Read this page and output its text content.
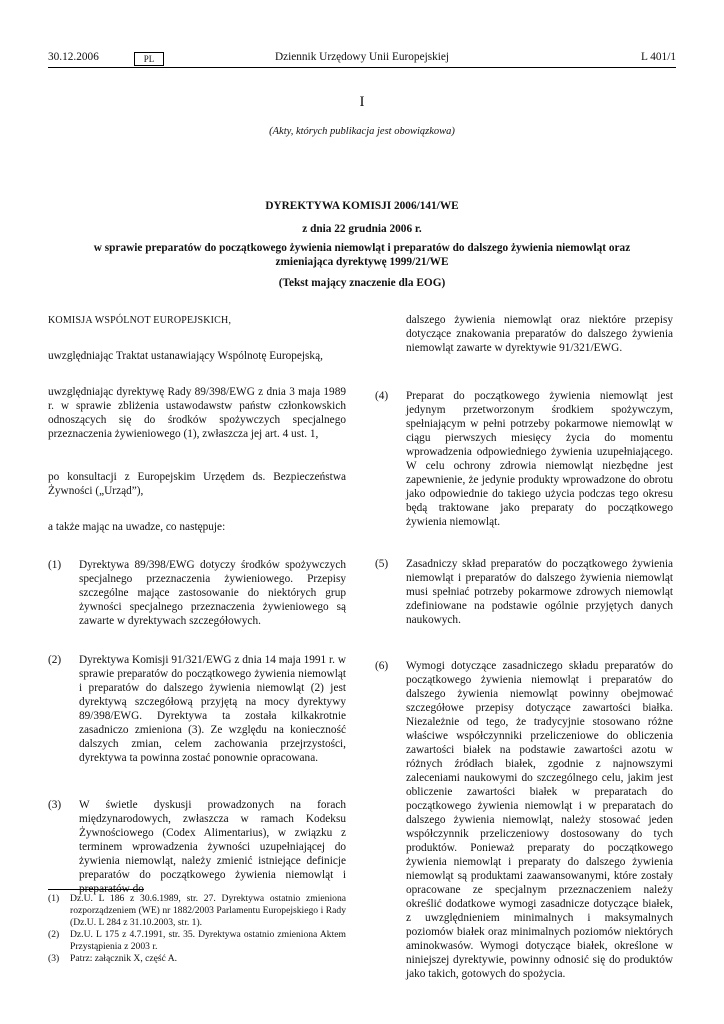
30.12.2006	PL	Dziennik Urzędowy Unii Europejskiej	L 401/1
I
(Akty, których publikacja jest obowiązkowa)
DYREKTYWA KOMISJI 2006/141/WE
z dnia 22 grudnia 2006 r.
w sprawie preparatów do początkowego żywienia niemowląt i preparatów do dalszego żywienia niemowląt oraz zmieniająca dyrektywę 1999/21/WE
(Tekst mający znaczenie dla EOG)
KOMISJA WSPÓLNOT EUROPEJSKICH,
uwzględniając Traktat ustanawiający Wspólnotę Europejską,
uwzględniając dyrektywę Rady 89/398/EWG z dnia 3 maja 1989 r. w sprawie zbliżenia ustawodawstw państw członkowskich odnoszących się do środków spożywczych specjalnego przeznaczenia żywieniowego (1), zwłaszcza jej art. 4 ust. 1,
po konsultacji z Europejskim Urzędem ds. Bezpieczeństwa Żywności („Urząd”),
a także mając na uwadze, co następuje:
(1) Dyrektywa 89/398/EWG dotyczy środków spożywczych specjalnego przeznaczenia żywieniowego. Przepisy szczególne mające zastosowanie do niektórych grup żywności specjalnego przeznaczenia żywieniowego są zawarte w dyrektywach szczegółowych.
(2) Dyrektywa Komisji 91/321/EWG z dnia 14 maja 1991 r. w sprawie preparatów do początkowego żywienia niemowląt i preparatów do dalszego żywienia niemowląt (2) jest dyrektywą szczegółową przyjętą na mocy dyrektywy 89/398/EWG. Dyrektywa ta została kilkakrotnie zasadniczo zmieniona (3). Ze względu na konieczność dalszych zmian, celem zachowania przejrzystości, dyrektywa ta powinna zostać ponownie opracowana.
(3) W świetle dyskusji prowadzonych na forach międzynarodowych, zwłaszcza w ramach Kodeksu Żywnościowego (Codex Alimentarius), w związku z terminem wprowadzenia żywności uzupełniającej do żywienia niemowląt, należy zmienić istniejące definicje preparatów do początkowego żywienia niemowląt i preparatów do
(1) Dz.U. L 186 z 30.6.1989, str. 27. Dyrektywa ostatnio zmieniona rozporządzeniem (WE) nr 1882/2003 Parlamentu Europejskiego i Rady (Dz.U. L 284 z 31.10.2003, str. 1).
(2) Dz.U. L 175 z 4.7.1991, str. 35. Dyrektywa ostatnio zmieniona Aktem Przystąpienia z 2003 r.
(3) Patrz: załącznik X, część A.
dalszego żywienia niemowląt oraz niektóre przepisy dotyczące znakowania preparatów do dalszego żywienia niemowląt zawarte w dyrektywie 91/321/EWG.
(4) Preparat do początkowego żywienia niemowląt jest jedynym przetworzonym środkiem spożywczym, spełniającym w pełni potrzeby pokarmowe niemowląt w ciągu pierwszych miesięcy życia do momentu wprowadzenia odpowiedniego żywienia uzupełniającego. W celu ochrony zdrowia niemowląt niezbędne jest zapewnienie, że jedynie produkty wprowadzone do obrotu jako odpowiednie do takiego użycia podczas tego okresu będą traktowane jako preparaty do początkowego żywienia niemowląt.
(5) Zasadniczy skład preparatów do początkowego żywienia niemowląt i preparatów do dalszego żywienia niemowląt musi spełniać potrzeby pokarmowe zdrowych niemowląt zdefiniowane na podstawie ogólnie przyjętych danych naukowych.
(6) Wymogi dotyczące zasadniczego składu preparatów do początkowego żywienia niemowląt i preparatów do dalszego żywienia niemowląt powinny obejmować szczegółowe przepisy dotyczące zawartości białka. Niezależnie od tego, że tradycyjnie stosowano różne właściwe współczynniki przeliczeniowe do obliczenia zawartości białek na podstawie zawartości azotu w różnych źródłach białek, zgodnie z najnowszymi zaleceniami naukowymi do szczególnego celu, jakim jest obliczenie zawartości białek w preparatach do początkowego żywienia niemowląt i w preparatach do dalszego żywienia niemowląt, należy stosować jeden współczynnik przeliczeniowy dostosowany do tych produktów. Ponieważ preparaty do początkowego żywienia niemowląt i preparaty do dalszego żywienia niemowląt są produktami zaawansowanymi, które zostały opracowane ze specjalnym przeznaczeniem należy określić dodatkowe wymogi zasadnicze dotyczące białek, z uwzględnieniem minimalnych i maksymalnych poziomów białek oraz minimalnych poziomów niektórych aminokwasów. Wymogi dotyczące białek, określone w niniejszej dyrektywie, powinny odnosić się do produktów jako takich, gotowych do spożycia.
